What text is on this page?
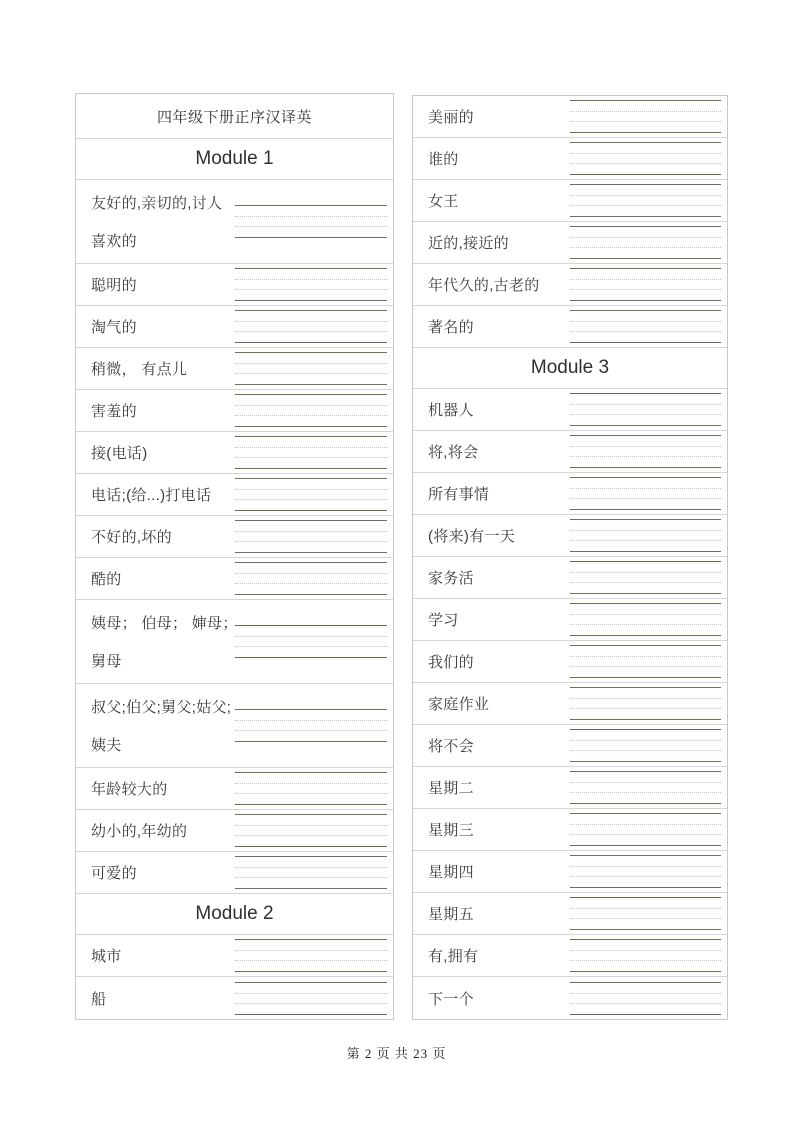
四年级下册正序汉译英
Module 1
友好的,亲切的,讨人
喜欢的
聪明的
淘气的
稍微， 有点儿
害羞的
接(电话)
电话;(给...)打电话
不好的,坏的
酷的
姨母； 伯母； 婶母；
舅母
叔父;伯父;舅父;姑父;
姨夫
年龄较大的
幼小的,年幼的
可爱的
Module 2
城市
船
美丽的
谁的
女王
近的,接近的
年代久的,古老的
著名的
Module 3
机器人
将,将会
所有事情
(将来)有一天
家务活
学习
我们的
家庭作业
将不会
星期二
星期三
星期四
星期五
有,拥有
下一个
第 2 页 共 23 页
